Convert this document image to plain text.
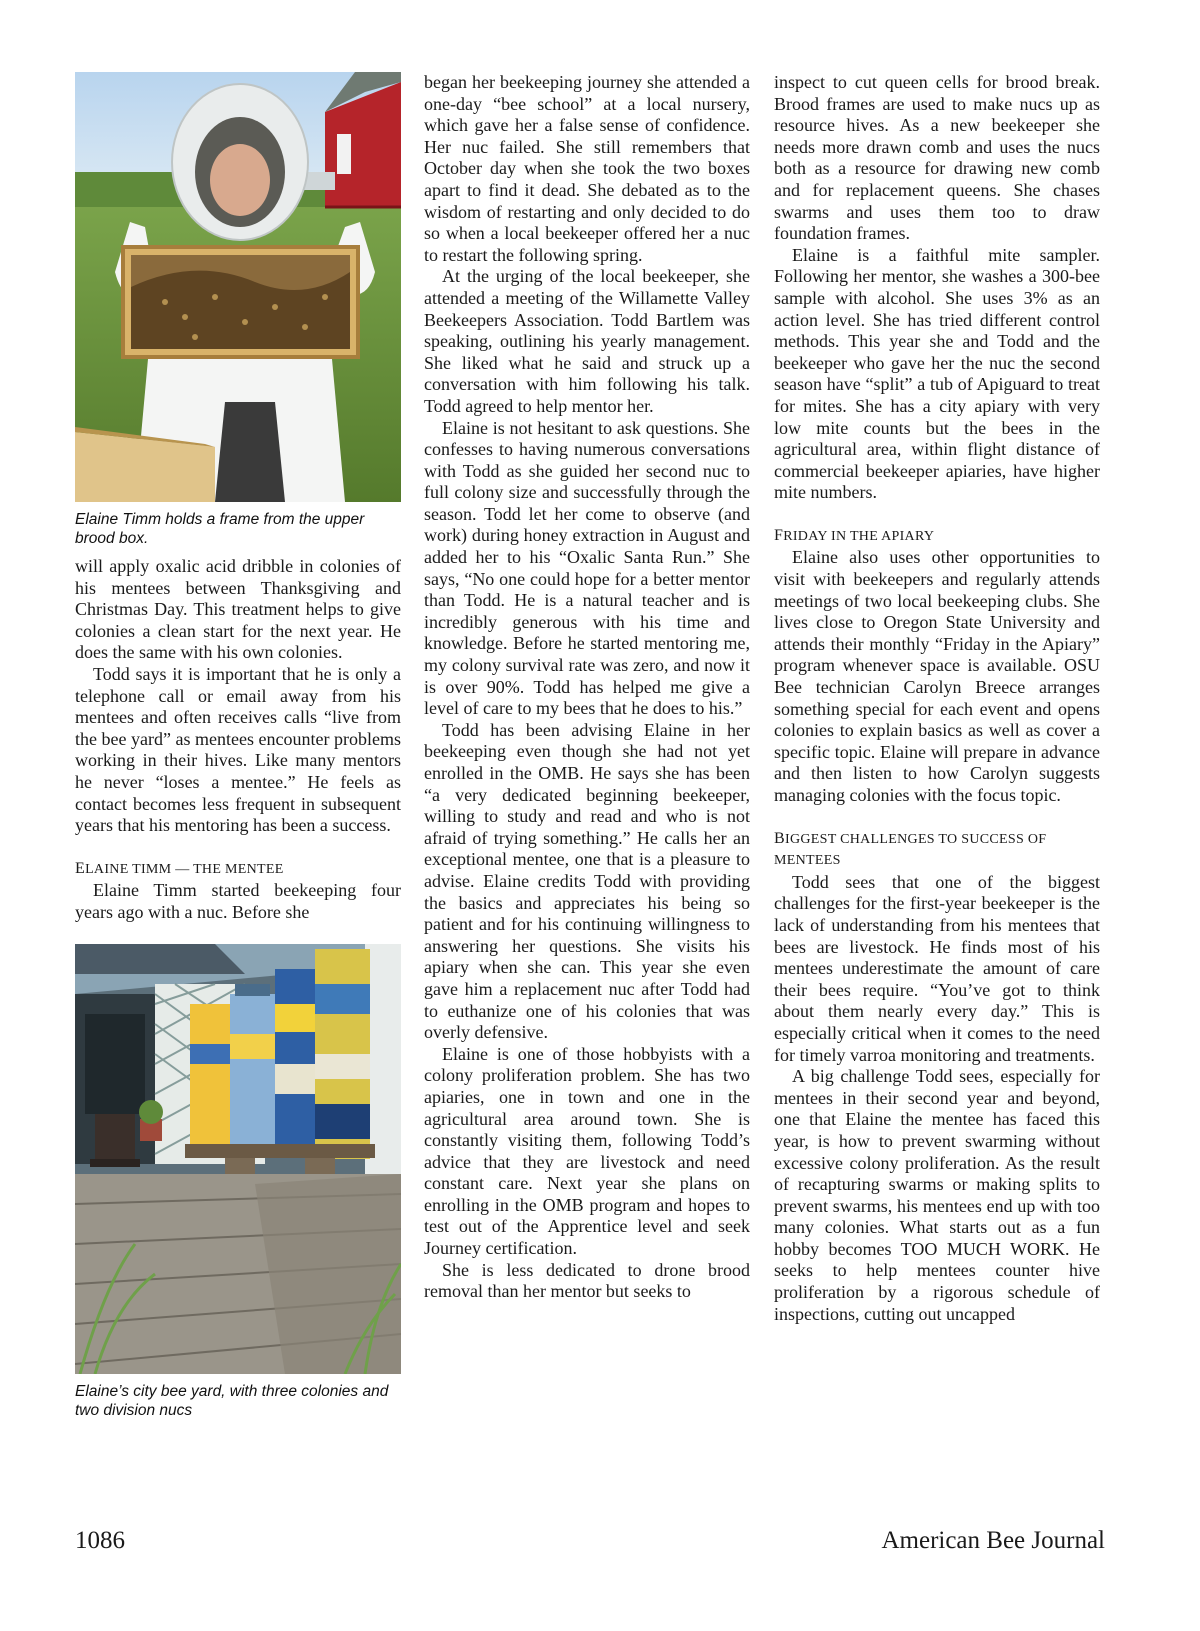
Elaine Timm holds a frame from the upper brood box.

will apply oxalic acid dribble in colonies of his mentees between Thanksgiving and Christmas Day. This treatment helps to give colonies a clean start for the next year. He does the same with his own colonies.

Todd says it is important that he is only a telephone call or email away from his mentees and often receives calls “live from the bee yard” as mentees encounter problems working in their hives. Like many mentors he never “loses a mentee.” He feels as contact becomes less frequent in subsequent years that his mentoring has been a success.

ELAINE TIMM — THE MENTEE

Elaine Timm started beekeeping four years ago with a nuc. Before she

Elaine’s city bee yard, with three colonies and two division nucs

began her beekeeping journey she attended a one-day “bee school” at a local nursery, which gave her a false sense of confidence. Her nuc failed. She still remembers that October day when she took the two boxes apart to find it dead. She debated as to the wisdom of restarting and only decided to do so when a local beekeeper offered her a nuc to restart the following spring.

At the urging of the local beekeeper, she attended a meeting of the Willamette Valley Beekeepers Association. Todd Bartlem was speaking, outlining his yearly management. She liked what he said and struck up a conversation with him following his talk. Todd agreed to help mentor her.

Elaine is not hesitant to ask questions. She confesses to having numerous conversations with Todd as she guided her second nuc to full colony size and successfully through the season. Todd let her come to observe (and work) during honey extraction in August and added her to his “Oxalic Santa Run.” She says, “No one could hope for a better mentor than Todd. He is a natural teacher and is incredibly generous with his time and knowledge. Before he started mentoring me, my colony survival rate was zero, and now it is over 90%. Todd has helped me give a level of care to my bees that he does to his.”

Todd has been advising Elaine in her beekeeping even though she had not yet enrolled in the OMB. He says she has been “a very dedicated beginning beekeeper, willing to study and read and who is not afraid of trying something.” He calls her an exceptional mentee, one that is a pleasure to advise. Elaine credits Todd with providing the basics and appreciates his being so patient and for his continuing willingness to answering her questions. She visits his apiary when she can. This year she even gave him a replacement nuc after Todd had to euthanize one of his colonies that was overly defensive.

Elaine is one of those hobbyists with a colony proliferation problem. She has two apiaries, one in town and one in the agricultural area around town. She is constantly visiting them, following Todd’s advice that they are livestock and need constant care. Next year she plans on enrolling in the OMB program and hopes to test out of the Apprentice level and seek Journey certification.

She is less dedicated to drone brood removal than her mentor but seeks to

inspect to cut queen cells for brood break. Brood frames are used to make nucs up as resource hives. As a new beekeeper she needs more drawn comb and uses the nucs both as a resource for drawing new comb and for replacement queens. She chases swarms and uses them too to draw foundation frames.

Elaine is a faithful mite sampler. Following her mentor, she washes a 300-bee sample with alcohol. She uses 3% as an action level. She has tried different control methods. This year she and Todd and the beekeeper who gave her the nuc the second season have “split” a tub of Apiguard to treat for mites. She has a city apiary with very low mite counts but the bees in the agricultural area, within flight distance of commercial beekeeper apiaries, have higher mite numbers.

FRIDAY IN THE APIARY

Elaine also uses other opportunities to visit with beekeepers and regularly attends meetings of two local beekeeping clubs. She lives close to Oregon State University and attends their monthly “Friday in the Apiary” program whenever space is available. OSU Bee technician Carolyn Breece arranges something special for each event and opens colonies to explain basics as well as cover a specific topic. Elaine will prepare in advance and then listen to how Carolyn suggests managing colonies with the focus topic.

BIGGEST CHALLENGES TO SUCCESS OF MENTEES

Todd sees that one of the biggest challenges for the first-year beekeeper is the lack of understanding from his mentees that bees are livestock. He finds most of his mentees underestimate the amount of care their bees require. “You’ve got to think about them nearly every day.” This is especially critical when it comes to the need for timely varroa monitoring and treatments.

A big challenge Todd sees, especially for mentees in their second year and beyond, one that Elaine the mentee has faced this year, is how to prevent swarming without excessive colony proliferation. As the result of recapturing swarms or making splits to prevent swarms, his mentees end up with too many colonies. What starts out as a fun hobby becomes TOO MUCH WORK. He seeks to help mentees counter hive proliferation by a rigorous schedule of inspections, cutting out uncapped

1086	American Bee Journal
